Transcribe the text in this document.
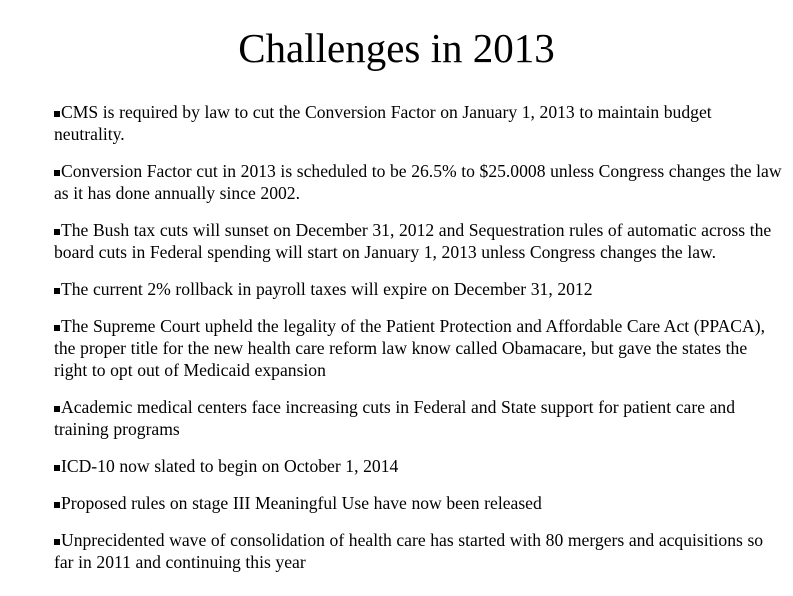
Challenges in 2013
CMS is required by law to cut the Conversion Factor on January 1, 2013 to maintain budget neutrality.
Conversion Factor cut in 2013 is scheduled to be 26.5% to $25.0008 unless Congress changes the law as it has done annually since 2002.
The Bush tax cuts will sunset on December 31, 2012 and Sequestration rules of automatic across the board cuts in Federal spending will start on January 1, 2013 unless Congress changes the law.
The current 2% rollback in payroll taxes will expire on December 31, 2012
The Supreme Court upheld the legality of the Patient Protection and Affordable Care Act (PPACA), the proper title for the new health care reform law know called Obamacare, but gave the states the right to opt out of Medicaid expansion
Academic medical centers face increasing cuts in Federal and State support for patient care and training programs
ICD-10 now slated to begin on October 1, 2014
Proposed rules on stage III Meaningful Use have now been released
Unprecidented wave of consolidation of health care has started with 80 mergers and acquisitions so far in 2011 and continuing this year
